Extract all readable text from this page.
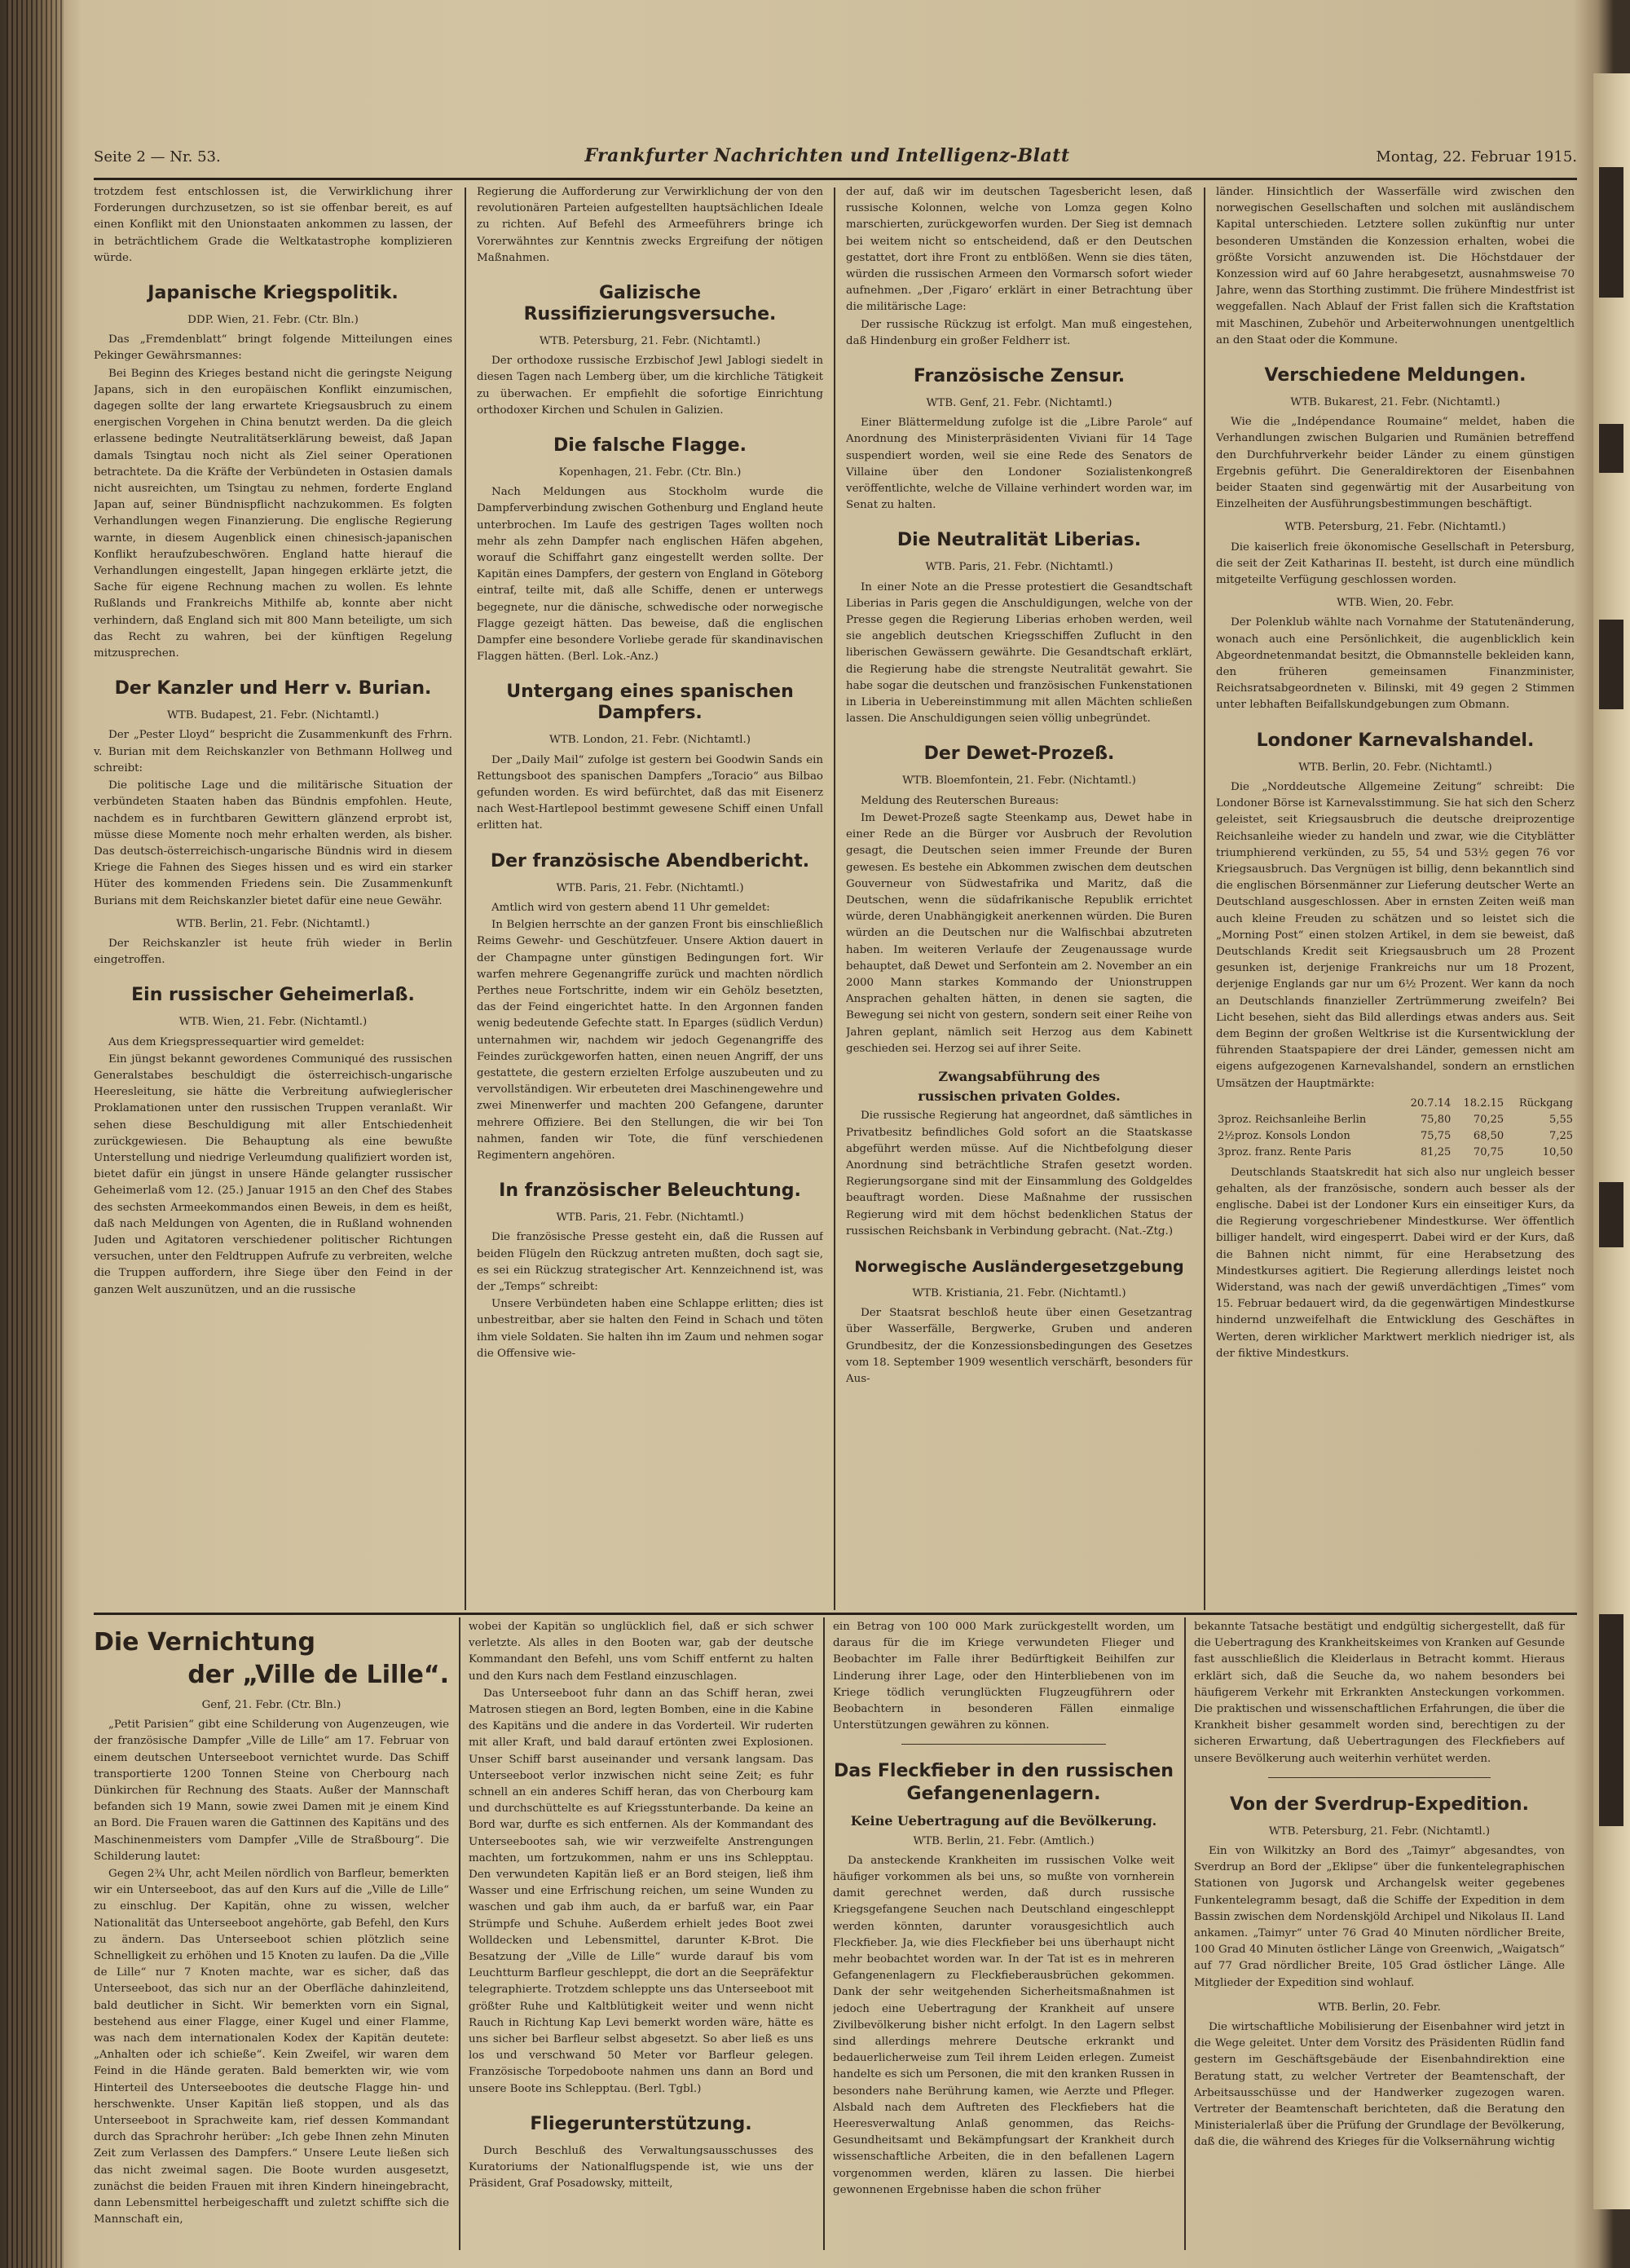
Seite 2 — Nr. 53.	Frankfurter Nachrichten und Intelligenz-Blatt	Montag, 22. Februar 1915.

trotzdem fest entschlossen ist, die Verwirklichung ihrer Forderungen durchzusetzen, so ist sie offenbar bereit, es auf einen Konflikt mit den Unionstaaten ankommen zu lassen, der in beträchtlichem Grade die Weltkatastrophe komplizieren würde.

Japanische Kriegspolitik.

DDP. Wien, 21. Febr. (Ctr. Bln.)

Das „Fremdenblatt“ bringt folgende Mitteilungen eines Pekinger Gewährsmannes:

Bei Beginn des Krieges bestand nicht die geringste Neigung Japans, sich in den europäischen Konflikt einzumischen, dagegen sollte der lang erwartete Kriegsausbruch zu einem energischen Vorgehen in China benutzt werden. Da die gleich erlassene bedingte Neutralitätserklärung beweist, daß Japan damals Tsingtau noch nicht als Ziel seiner Operationen betrachtete. Da die Kräfte der Verbündeten in Ostasien damals nicht ausreichten, um Tsingtau zu nehmen, forderte England Japan auf, seiner Bündnispflicht nachzukommen. Es folgten Verhandlungen wegen Finanzierung. Die englische Regierung warnte, in diesem Augenblick einen chinesisch-japanischen Konflikt heraufzubeschwören. England hatte hierauf die Verhandlungen eingestellt, Japan hingegen erklärte jetzt, die Sache für eigene Rechnung machen zu wollen. Es lehnte Rußlands und Frankreichs Mithilfe ab, konnte aber nicht verhindern, daß England sich mit 800 Mann beteiligte, um sich das Recht zu wahren, bei der künftigen Regelung mitzusprechen.

Der Kanzler und Herr v. Burian.

WTB. Budapest, 21. Febr. (Nichtamtl.)

Der „Pester Lloyd“ bespricht die Zusammenkunft des Frhrn. v. Burian mit dem Reichskanzler von Bethmann Hollweg und schreibt:

Die politische Lage und die militärische Situation der verbündeten Staaten haben das Bündnis empfohlen. Heute, nachdem es in furchtbaren Gewittern glänzend erprobt ist, müsse diese Momente noch mehr erhalten werden, als bisher. Das deutsch-österreichisch-ungarische Bündnis wird in diesem Kriege die Fahnen des Sieges hissen und es wird ein starker Hüter des kommenden Friedens sein. Die Zusammenkunft Burians mit dem Reichskanzler bietet dafür eine neue Gewähr.

WTB. Berlin, 21. Febr. (Nichtamtl.)

Der Reichskanzler ist heute früh wieder in Berlin eingetroffen.

Ein russischer Geheimerlaß.

WTB. Wien, 21. Febr. (Nichtamtl.)

Aus dem Kriegspressequartier wird gemeldet:

Ein jüngst bekannt gewordenes Communiqué des russischen Generalstabes beschuldigt die österreichisch-ungarische Heeresleitung, sie hätte die Verbreitung aufwieglerischer Proklamationen unter den russischen Truppen veranlaßt. Wir sehen diese Beschuldigung mit aller Entschiedenheit zurückgewiesen. Die Behauptung als eine bewußte Unterstellung und niedrige Verleumdung qualifiziert worden ist, bietet dafür ein jüngst in unsere Hände gelangter russischer Geheimerlaß vom 12. (25.) Januar 1915 an den Chef des Stabes des sechsten Armeekommandos einen Beweis, in dem es heißt, daß nach Meldungen von Agenten, die in Rußland wohnenden Juden und Agitatoren verschiedener politischer Richtungen versuchen, unter den Feldtruppen Aufrufe zu verbreiten, welche die Truppen auffordern, ihre Siege über den Feind in der ganzen Welt auszunützen, und an die russische

Regierung die Aufforderung zur Verwirklichung der von den revolutionären Parteien aufgestellten hauptsächlichen Ideale zu richten. Auf Befehl des Armeeführers bringe ich Vorerwähntes zur Kenntnis zwecks Ergreifung der nötigen Maßnahmen.

Galizische Russifizierungsversuche.

WTB. Petersburg, 21. Febr. (Nichtamtl.)

Der orthodoxe russische Erzbischof Jewl Jablogi siedelt in diesen Tagen nach Lemberg über, um die kirchliche Tätigkeit zu überwachen. Er empfiehlt die sofortige Einrichtung orthodoxer Kirchen und Schulen in Galizien.

Die falsche Flagge.

Kopenhagen, 21. Febr. (Ctr. Bln.)

Nach Meldungen aus Stockholm wurde die Dampferverbindung zwischen Gothenburg und England heute unterbrochen. Im Laufe des gestrigen Tages wollten noch mehr als zehn Dampfer nach englischen Häfen abgehen, worauf die Schiffahrt ganz eingestellt werden sollte. Der Kapitän eines Dampfers, der gestern von England in Göteborg eintraf, teilte mit, daß alle Schiffe, denen er unterwegs begegnete, nur die dänische, schwedische oder norwegische Flagge gezeigt hätten. Das beweise, daß die englischen Dampfer eine besondere Vorliebe gerade für skandinavischen Flaggen hätten. (Berl. Lok.-Anz.)

Untergang eines spanischen Dampfers.

WTB. London, 21. Febr. (Nichtamtl.)

Der „Daily Mail“ zufolge ist gestern bei Goodwin Sands ein Rettungsboot des spanischen Dampfers „Toracio“ aus Bilbao gefunden worden. Es wird befürchtet, daß das mit Eisenerz nach West-Hartlepool bestimmt gewesene Schiff einen Unfall erlitten hat.

Der französische Abendbericht.

WTB. Paris, 21. Febr. (Nichtamtl.)

Amtlich wird von gestern abend 11 Uhr gemeldet:

In Belgien herrschte an der ganzen Front bis einschließlich Reims Gewehr- und Geschützfeuer. Unsere Aktion dauert in der Champagne unter günstigen Bedingungen fort. Wir warfen mehrere Gegenangriffe zurück und machten nördlich Perthes neue Fortschritte, indem wir ein Gehölz besetzten, das der Feind eingerichtet hatte. In den Argonnen fanden wenig bedeutende Gefechte statt. In Eparges (südlich Verdun) unternahmen wir, nachdem wir jedoch Gegenangriffe des Feindes zurückgeworfen hatten, einen neuen Angriff, der uns gestattete, die gestern erzielten Erfolge auszubeuten und zu vervollständigen. Wir erbeuteten drei Maschinengewehre und zwei Minenwerfer und machten 200 Gefangene, darunter mehrere Offiziere. Bei den Stellungen, die wir bei Ton nahmen, fanden wir Tote, die fünf verschiedenen Regimentern angehören.

In französischer Beleuchtung.

WTB. Paris, 21. Febr. (Nichtamtl.)

Die französische Presse gesteht ein, daß die Russen auf beiden Flügeln den Rückzug antreten mußten, doch sagt sie, es sei ein Rückzug strategischer Art. Kennzeichnend ist, was der „Temps“ schreibt:

Unsere Verbündeten haben eine Schlappe erlitten; dies ist unbestreitbar, aber sie halten den Feind in Schach und töten ihm viele Soldaten. Sie halten ihn im Zaum und nehmen sogar die Offensive wie-

der auf, daß wir im deutschen Tagesbericht lesen, daß russische Kolonnen, welche von Lomza gegen Kolno marschierten, zurückgeworfen wurden. Der Sieg ist demnach bei weitem nicht so entscheidend, daß er den Deutschen gestattet, dort ihre Front zu entblößen. Wenn sie dies täten, würden die russischen Armeen den Vormarsch sofort wieder aufnehmen. „Der ‚Figaro‘ erklärt in einer Betrachtung über die militärische Lage:

Der russische Rückzug ist erfolgt. Man muß eingestehen, daß Hindenburg ein großer Feldherr ist.

Französische Zensur.

WTB. Genf, 21. Febr. (Nichtamtl.)

Einer Blättermeldung zufolge ist die „Libre Parole“ auf Anordnung des Ministerpräsidenten Viviani für 14 Tage suspendiert worden, weil sie eine Rede des Senators de Villaine über den Londoner Sozialistenkongreß veröffentlichte, welche de Villaine verhindert worden war, im Senat zu halten.

Die Neutralität Liberias.

WTB. Paris, 21. Febr. (Nichtamtl.)

In einer Note an die Presse protestiert die Gesandtschaft Liberias in Paris gegen die Anschuldigungen, welche von der Presse gegen die Regierung Liberias erhoben werden, weil sie angeblich deutschen Kriegsschiffen Zuflucht in den liberischen Gewässern gewährte. Die Gesandtschaft erklärt, die Regierung habe die strengste Neutralität gewahrt. Sie habe sogar die deutschen und französischen Funkenstationen in Liberia in Uebereinstimmung mit allen Mächten schließen lassen. Die Anschuldigungen seien völlig unbegründet.

Der Dewet-Prozeß.

WTB. Bloemfontein, 21. Febr. (Nichtamtl.)

Meldung des Reuterschen Bureaus:

Im Dewet-Prozeß sagte Steenkamp aus, Dewet habe in einer Rede an die Bürger vor Ausbruch der Revolution gesagt, die Deutschen seien immer Freunde der Buren gewesen. Es bestehe ein Abkommen zwischen dem deutschen Gouverneur von Südwestafrika und Maritz, daß die Deutschen, wenn die südafrikanische Republik errichtet würde, deren Unabhängigkeit anerkennen würden. Die Buren würden an die Deutschen nur die Walfischbai abzutreten haben. Im weiteren Verlaufe der Zeugenaussage wurde behauptet, daß Dewet und Serfontein am 2. November an ein 2000 Mann starkes Kommando der Unionstruppen Ansprachen gehalten hätten, in denen sie sagten, die Bewegung sei nicht von gestern, sondern seit einer Reihe von Jahren geplant, nämlich seit Herzog aus dem Kabinett geschieden sei. Herzog sei auf ihrer Seite.

Zwangsabführung des
russischen privaten Goldes.

Die russische Regierung hat angeordnet, daß sämtliches in Privatbesitz befindliches Gold sofort an die Staatskasse abgeführt werden müsse. Auf die Nichtbefolgung dieser Anordnung sind beträchtliche Strafen gesetzt worden. Regierungsorgane sind mit der Einsammlung des Goldgeldes beauftragt worden. Diese Maßnahme der russischen Regierung wird mit dem höchst bedenklichen Status der russischen Reichsbank in Verbindung gebracht. (Nat.-Ztg.)

Norwegische Ausländergesetzgebung

WTB. Kristiania, 21. Febr. (Nichtamtl.)

Der Staatsrat beschloß heute über einen Gesetzantrag über Wasserfälle, Bergwerke, Gruben und anderen Grundbesitz, der die Konzessionsbedingungen des Gesetzes vom 18. September 1909 wesentlich verschärft, besonders für Aus-

länder. Hinsichtlich der Wasserfälle wird zwischen den norwegischen Gesellschaften und solchen mit ausländischem Kapital unterschieden. Letztere sollen zukünftig nur unter besonderen Umständen die Konzession erhalten, wobei die größte Vorsicht anzuwenden ist. Die Höchstdauer der Konzession wird auf 60 Jahre herabgesetzt, ausnahmsweise 70 Jahre, wenn das Storthing zustimmt. Die frühere Mindestfrist ist weggefallen. Nach Ablauf der Frist fallen sich die Kraftstation mit Maschinen, Zubehör und Arbeiterwohnungen unentgeltlich an den Staat oder die Kommune.

Verschiedene Meldungen.

WTB. Bukarest, 21. Febr. (Nichtamtl.)

Wie die „Indépendance Roumaine“ meldet, haben die Verhandlungen zwischen Bulgarien und Rumänien betreffend den Durchfuhrverkehr beider Länder zu einem günstigen Ergebnis geführt. Die Generaldirektoren der Eisenbahnen beider Staaten sind gegenwärtig mit der Ausarbeitung von Einzelheiten der Ausführungsbestimmungen beschäftigt.

WTB. Petersburg, 21. Febr. (Nichtamtl.)

Die kaiserlich freie ökonomische Gesellschaft in Petersburg, die seit der Zeit Katharinas II. besteht, ist durch eine mündlich mitgeteilte Verfügung geschlossen worden.

WTB. Wien, 20. Febr.

Der Polenklub wählte nach Vornahme der Statutenänderung, wonach auch eine Persönlichkeit, die augenblicklich kein Abgeordnetenmandat besitzt, die Obmannstelle bekleiden kann, den früheren gemeinsamen Finanzminister, Reichsratsabgeordneten v. Bilinski, mit 49 gegen 2 Stimmen unter lebhaften Beifallskundgebungen zum Obmann.

Londoner Karnevalshandel.

WTB. Berlin, 20. Febr. (Nichtamtl.)

Die „Norddeutsche Allgemeine Zeitung“ schreibt: Die Londoner Börse ist Karnevalsstimmung. Sie hat sich den Scherz geleistet, seit Kriegsausbruch die deutsche dreiprozentige Reichsanleihe wieder zu handeln und zwar, wie die Cityblätter triumphierend verkünden, zu 55, 54 und 53½ gegen 76 vor Kriegsausbruch. Das Vergnügen ist billig, denn bekanntlich sind die englischen Börsenmänner zur Lieferung deutscher Werte an Deutschland ausgeschlossen. Aber in ernsten Zeiten weiß man auch kleine Freuden zu schätzen und so leistet sich die „Morning Post“ einen stolzen Artikel, in dem sie beweist, daß Deutschlands Kredit seit Kriegsausbruch um 28 Prozent gesunken ist, derjenige Frankreichs nur um 18 Prozent, derjenige Englands gar nur um 6½ Prozent. Wer kann da noch an Deutschlands finanzieller Zertrümmerung zweifeln? Bei Licht besehen, sieht das Bild allerdings etwas anders aus. Seit dem Beginn der großen Weltkrise ist die Kursentwicklung der führenden Staatspapiere der drei Länder, gemessen nicht am eigens aufgezogenen Karnevalshandel, sondern an ernstlichen Umsätzen der Hauptmärkte:

	20.7.14	18.2.15	Rückgang
3proz. Reichsanleihe Berlin	75,80	70,25	5,55
2½proz. Konsols London	75,75	68,50	7,25
3proz. franz. Rente Paris	81,25	70,75	10,50

Deutschlands Staatskredit hat sich also nur ungleich besser gehalten, als der französische, sondern auch besser als der englische. Dabei ist der Londoner Kurs ein einseitiger Kurs, da die Regierung vorgeschriebener Mindestkurse. Wer öffentlich billiger handelt, wird eingesperrt. Dabei wird er der Kurs, daß die Bahnen nicht nimmt, für eine Herabsetzung des Mindestkurses agitiert. Die Regierung allerdings leistet noch Widerstand, was nach der gewiß unverdächtigen „Times“ vom 15. Februar bedauert wird, da die gegenwärtigen Mindestkurse hindernd unzweifelhaft die Entwicklung des Geschäftes in Werten, deren wirklicher Marktwert merklich niedriger ist, als der fiktive Mindestkurs.

Die Vernichtung
der „Ville de Lille“.

Genf, 21. Febr. (Ctr. Bln.)

„Petit Parisien“ gibt eine Schilderung von Augenzeugen, wie der französische Dampfer „Ville de Lille“ am 17. Februar von einem deutschen Unterseeboot vernichtet wurde. Das Schiff transportierte 1200 Tonnen Steine von Cherbourg nach Dünkirchen für Rechnung des Staats. Außer der Mannschaft befanden sich 19 Mann, sowie zwei Damen mit je einem Kind an Bord. Die Frauen waren die Gattinnen des Kapitäns und des Maschinenmeisters vom Dampfer „Ville de Straßbourg“. Die Schilderung lautet:

Gegen 2¾ Uhr, acht Meilen nördlich von Barfleur, bemerkten wir ein Unterseeboot, das auf den Kurs auf die „Ville de Lille“ zu einschlug. Der Kapitän, ohne zu wissen, welcher Nationalität das Unterseeboot angehörte, gab Befehl, den Kurs zu ändern. Das Unterseeboot schien plötzlich seine Schnelligkeit zu erhöhen und 15 Knoten zu laufen. Da die „Ville de Lille“ nur 7 Knoten machte, war es sicher, daß das Unterseeboot, das sich nur an der Oberfläche dahinzleitend, bald deutlicher in Sicht. Wir bemerkten vorn ein Signal, bestehend aus einer Flagge, einer Kugel und einer Flamme, was nach dem internationalen Kodex der Kapitän deutete: „Anhalten oder ich schieße“. Kein Zweifel, wir waren dem Feind in die Hände geraten. Bald bemerkten wir, wie vom Hinterteil des Unterseebootes die deutsche Flagge hin- und herschwenkte. Unser Kapitän ließ stoppen, und als das Unterseeboot in Sprachweite kam, rief dessen Kommandant durch das Sprachrohr herüber: „Ich gebe Ihnen zehn Minuten Zeit zum Verlassen des Dampfers.“ Unsere Leute ließen sich das nicht zweimal sagen. Die Boote wurden ausgesetzt, zunächst die beiden Frauen mit ihren Kindern hineingebracht, dann Lebensmittel herbeigeschafft und zuletzt schiffte sich die Mannschaft ein,

wobei der Kapitän so unglücklich fiel, daß er sich schwer verletzte. Als alles in den Booten war, gab der deutsche Kommandant den Befehl, uns vom Schiff entfernt zu halten und den Kurs nach dem Festland einzuschlagen.

Das Unterseeboot fuhr dann an das Schiff heran, zwei Matrosen stiegen an Bord, legten Bomben, eine in die Kabine des Kapitäns und die andere in das Vorderteil. Wir ruderten mit aller Kraft, und bald darauf ertönten zwei Explosionen. Unser Schiff barst auseinander und versank langsam. Das Unterseeboot verlor inzwischen nicht seine Zeit; es fuhr schnell an ein anderes Schiff heran, das von Cherbourg kam und durchschüttelte es auf Kriegsstunterbande. Da keine an Bord war, durfte es sich entfernen. Als der Kommandant des Unterseebootes sah, wie wir verzweifelte Anstrengungen machten, um fortzukommen, nahm er uns ins Schlepptau. Den verwundeten Kapitän ließ er an Bord steigen, ließ ihm Wasser und eine Erfrischung reichen, um seine Wunden zu waschen und gab ihm auch, da er barfuß war, ein Paar Strümpfe und Schuhe. Außerdem erhielt jedes Boot zwei Wolldecken und Lebensmittel, darunter K-Brot. Die Besatzung der „Ville de Lille“ wurde darauf bis vom Leuchtturm Barfleur geschleppt, die dort an die Seepräfektur telegraphierte. Trotzdem schleppte uns das Unterseeboot mit größter Ruhe und Kaltblütigkeit weiter und wenn nicht Rauch in Richtung Kap Levi bemerkt worden wäre, hätte es uns sicher bei Barfleur selbst abgesetzt. So aber ließ es uns los und verschwand 50 Meter vor Barfleur gelegen. Französische Torpedoboote nahmen uns dann an Bord und unsere Boote ins Schlepptau. (Berl. Tgbl.)

Fliegerunterstützung.

Durch Beschluß des Verwaltungsausschusses des Kuratoriums der Nationalflugspende ist, wie uns der Präsident, Graf Posadowsky, mitteilt,

ein Betrag von 100 000 Mark zurückgestellt worden, um daraus für die im Kriege verwundeten Flieger und Beobachter im Falle ihrer Bedürftigkeit Beihilfen zur Linderung ihrer Lage, oder den Hinterbliebenen von im Kriege tödlich verunglückten Flugzeugführern oder Beobachtern in besonderen Fällen einmalige Unterstützungen gewähren zu können.

Das Fleckfieber in den russischen
Gefangenenlagern.
Keine Uebertragung auf die Bevölkerung.

WTB. Berlin, 21. Febr. (Amtlich.)

Da ansteckende Krankheiten im russischen Volke weit häufiger vorkommen als bei uns, so mußte von vornherein damit gerechnet werden, daß durch russische Kriegsgefangene Seuchen nach Deutschland eingeschleppt werden könnten, darunter vorausgesichtlich auch Fleckfieber. Ja, wie dies Fleckfieber bei uns überhaupt nicht mehr beobachtet worden war. In der Tat ist es in mehreren Gefangenenlagern zu Fleckfieberausbrüchen gekommen. Dank der sehr weitgehenden Sicherheitsmaßnahmen ist jedoch eine Uebertragung der Krankheit auf unsere Zivilbevölkerung bisher nicht erfolgt. In den Lagern selbst sind allerdings mehrere Deutsche erkrankt und bedauerlicherweise zum Teil ihrem Leiden erlegen. Zumeist handelte es sich um Personen, die mit den kranken Russen in besonders nahe Berührung kamen, wie Aerzte und Pfleger. Alsbald nach dem Auftreten des Fleckfiebers hat die Heeresverwaltung Anlaß genommen, das Reichs-Gesundheitsamt und Bekämpfungsart der Krankheit durch wissenschaftliche Arbeiten, die in den befallenen Lagern vorgenommen werden, klären zu lassen. Die hierbei gewonnenen Ergebnisse haben die schon früher

bekannte Tatsache bestätigt und endgültig sichergestellt, daß für die Uebertragung des Krankheitskeimes von Kranken auf Gesunde fast ausschließlich die Kleiderlaus in Betracht kommt. Hieraus erklärt sich, daß die Seuche da, wo nahem besonders bei häufigerem Verkehr mit Erkrankten Ansteckungen vorkommen. Die praktischen und wissenschaftlichen Erfahrungen, die über die Krankheit bisher gesammelt worden sind, berechtigen zu der sicheren Erwartung, daß Uebertragungen des Fleckfiebers auf unsere Bevölkerung auch weiterhin verhütet werden.

Von der Sverdrup-Expedition.

WTB. Petersburg, 21. Febr. (Nichtamtl.)

Ein von Wilkitzky an Bord des „Taimyr“ abgesandtes, von Sverdrup an Bord der „Eklipse“ über die funkentelegraphischen Stationen von Jugorsk und Archangelsk weiter gegebenes Funkentelegramm besagt, daß die Schiffe der Expedition in dem Bassin zwischen dem Nordenskjöld Archipel und Nikolaus II. Land ankamen. „Taimyr“ unter 76 Grad 40 Minuten nördlicher Breite, 100 Grad 40 Minuten östlicher Länge von Greenwich, „Waigatsch“ auf 77 Grad nördlicher Breite, 105 Grad östlicher Länge. Alle Mitglieder der Expedition sind wohlauf.

WTB. Berlin, 20. Febr.

Die wirtschaftliche Mobilisierung der Eisenbahner wird jetzt in die Wege geleitet. Unter dem Vorsitz des Präsidenten Rüdlin fand gestern im Geschäftsgebäude der Eisenbahndirektion eine Beratung statt, zu welcher Vertreter der Beamtenschaft, der Arbeitsausschüsse und der Handwerker zugezogen waren. Vertreter der Beamtenschaft berichteten, daß die Beratung den Ministerialerlaß über die Prüfung der Grundlage der Bevölkerung, daß die, die während des Krieges für die Volksernährung wichtig
